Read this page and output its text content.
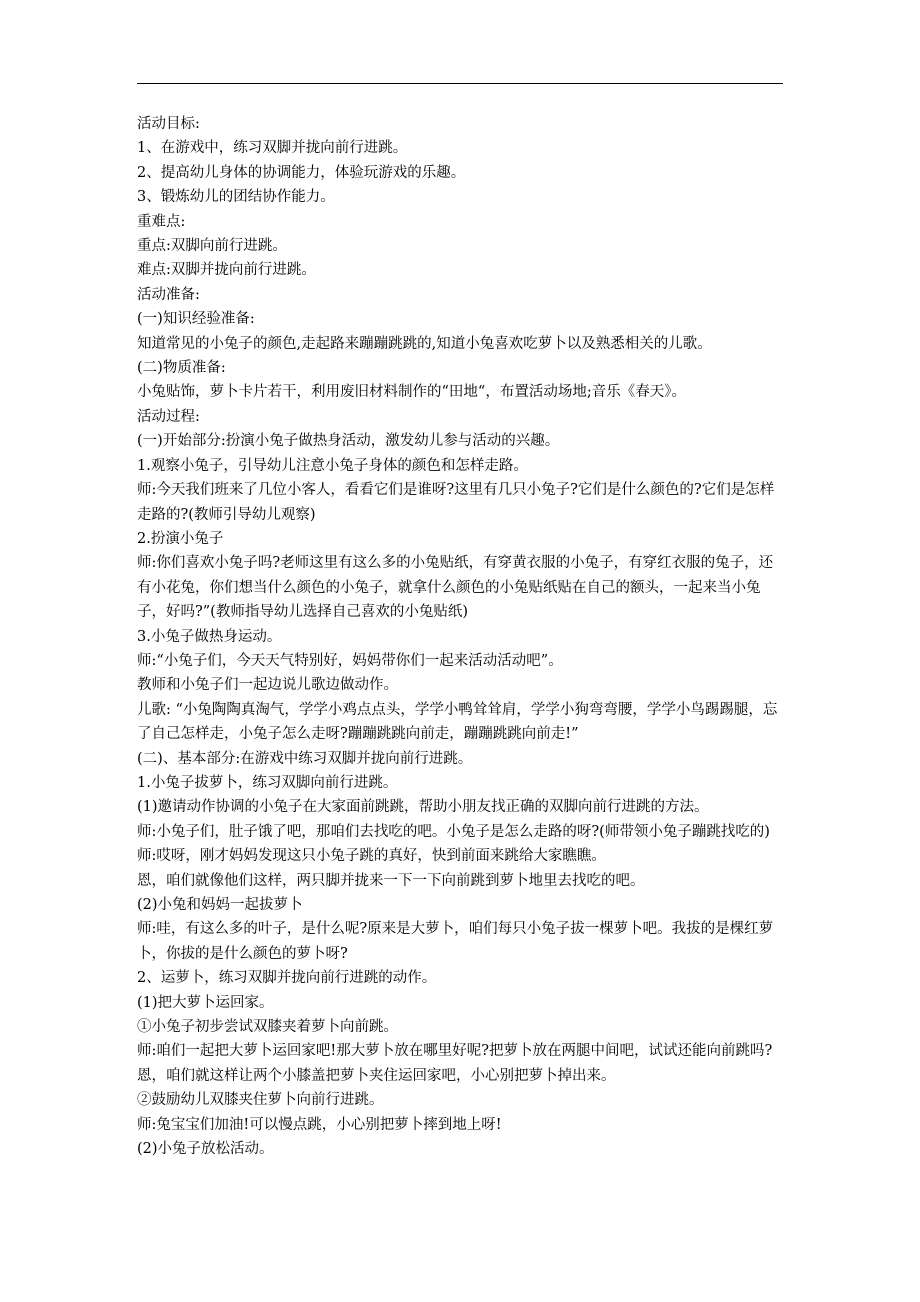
活动目标:

1、在游戏中，练习双脚并拢向前行进跳。

2、提高幼儿身体的协调能力，体验玩游戏的乐趣。

3、锻炼幼儿的团结协作能力。

重难点:

重点:双脚向前行进跳。

难点:双脚并拢向前行进跳。

活动准备:

(一)知识经验准备:

知道常见的小兔子的颜色,走起路来蹦蹦跳跳的,知道小兔喜欢吃萝卜以及熟悉相关的儿歌。

(二)物质准备:

小兔贴饰，萝卜卡片若干，利用废旧材料制作的“田地“，布置活动场地;音乐《春天》。

活动过程:

(一)开始部分:扮演小兔子做热身活动，激发幼儿参与活动的兴趣。

1.观察小兔子，引导幼儿注意小兔子身体的颜色和怎样走路。

师:今天我们班来了几位小客人，看看它们是谁呀?这里有几只小兔子?它们是什么颜色的?它们是怎样走路的?(教师引导幼儿观察)

2.扮演小兔子

师:你们喜欢小兔子吗?老师这里有这么多的小兔贴纸，有穿黄衣服的小兔子，有穿红衣服的兔子，还有小花兔，你们想当什么颜色的小兔子，就拿什么颜色的小兔贴纸贴在自己的额头，一起来当小兔子，好吗?”(教师指导幼儿选择自己喜欢的小兔贴纸)

3.小兔子做热身运动。

师:“小兔子们，今天天气特别好，妈妈带你们一起来活动活动吧”。

教师和小兔子们一起边说儿歌边做动作。

儿歌: “小兔陶陶真淘气，学学小鸡点点头，学学小鸭耸耸肩，学学小狗弯弯腰，学学小鸟踢踢腿，忘了自己怎样走，小兔子怎么走呀?蹦蹦跳跳向前走，蹦蹦跳跳向前走!”

(二)、基本部分:在游戏中练习双脚并拢向前行进跳。

1.小兔子拔萝卜，练习双脚向前行进跳。

(1)邀请动作协调的小兔子在大家面前跳跳，帮助小朋友找正确的双脚向前行进跳的方法。

师:小兔子们，肚子饿了吧，那咱们去找吃的吧。小兔子是怎么走路的呀?(师带领小兔子蹦跳找吃的)

师:哎呀，刚才妈妈发现这只小兔子跳的真好，快到前面来跳给大家瞧瞧。

恩，咱们就像他们这样，两只脚并拢来一下一下向前跳到萝卜地里去找吃的吧。

(2)小兔和妈妈一起拔萝卜

师:哇，有这么多的叶子，是什么呢?原来是大萝卜，咱们每只小兔子拔一棵萝卜吧。我拔的是棵红萝卜，你拔的是什么颜色的萝卜呀?

2、运萝卜，练习双脚并拢向前行进跳的动作。

(1)把大萝卜运回家。

①小兔子初步尝试双膝夹着萝卜向前跳。

师:咱们一起把大萝卜运回家吧!那大萝卜放在哪里好呢?把萝卜放在两腿中间吧，试试还能向前跳吗?恩，咱们就这样让两个小膝盖把萝卜夹住运回家吧，小心别把萝卜掉出来。

②鼓励幼儿双膝夹住萝卜向前行进跳。

师:兔宝宝们加油!可以慢点跳，小心别把萝卜摔到地上呀!

(2)小兔子放松活动。
